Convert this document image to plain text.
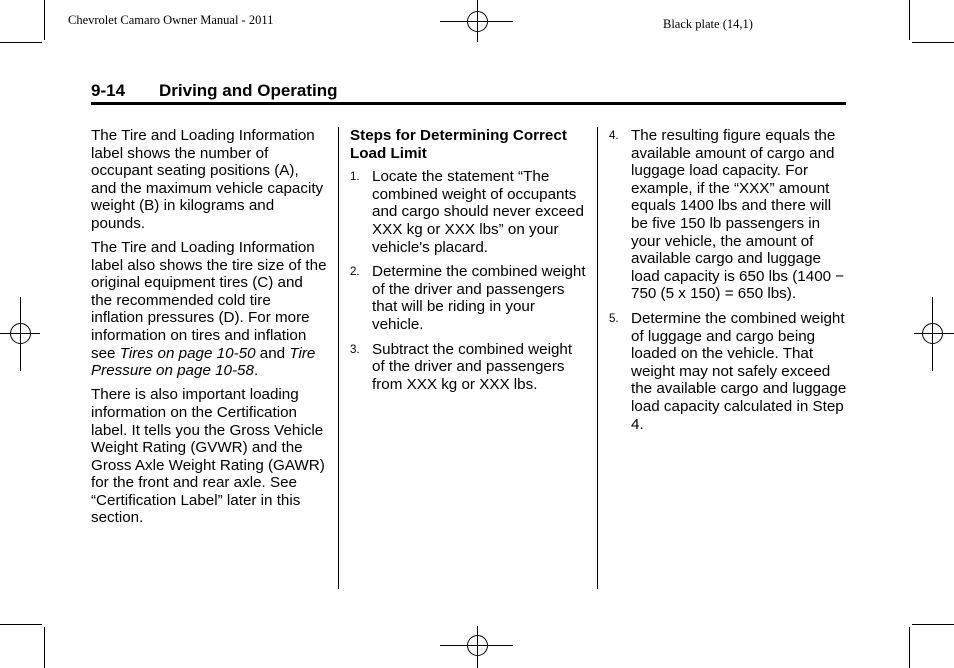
Chevrolet Camaro Owner Manual - 2011	Black plate (14,1)
9-14 Driving and Operating

The Tire and Loading Information label shows the number of occupant seating positions (A), and the maximum vehicle capacity weight (B) in kilograms and pounds.

The Tire and Loading Information label also shows the tire size of the original equipment tires (C) and the recommended cold tire inflation pressures (D). For more information on tires and inflation see Tires on page 10-50 and Tire Pressure on page 10-58.

There is also important loading information on the Certification label. It tells you the Gross Vehicle Weight Rating (GVWR) and the Gross Axle Weight Rating (GAWR) for the front and rear axle. See “Certification Label” later in this section.

Steps for Determining Correct Load Limit
1. Locate the statement “The combined weight of occupants and cargo should never exceed XXX kg or XXX lbs” on your vehicle's placard.
2. Determine the combined weight of the driver and passengers that will be riding in your vehicle.
3. Subtract the combined weight of the driver and passengers from XXX kg or XXX lbs.
4. The resulting figure equals the available amount of cargo and luggage load capacity. For example, if the “XXX” amount equals 1400 lbs and there will be five 150 lb passengers in your vehicle, the amount of available cargo and luggage load capacity is 650 lbs (1400 − 750 (5 x 150) = 650 lbs).
5. Determine the combined weight of luggage and cargo being loaded on the vehicle. That weight may not safely exceed the available cargo and luggage load capacity calculated in Step 4.
